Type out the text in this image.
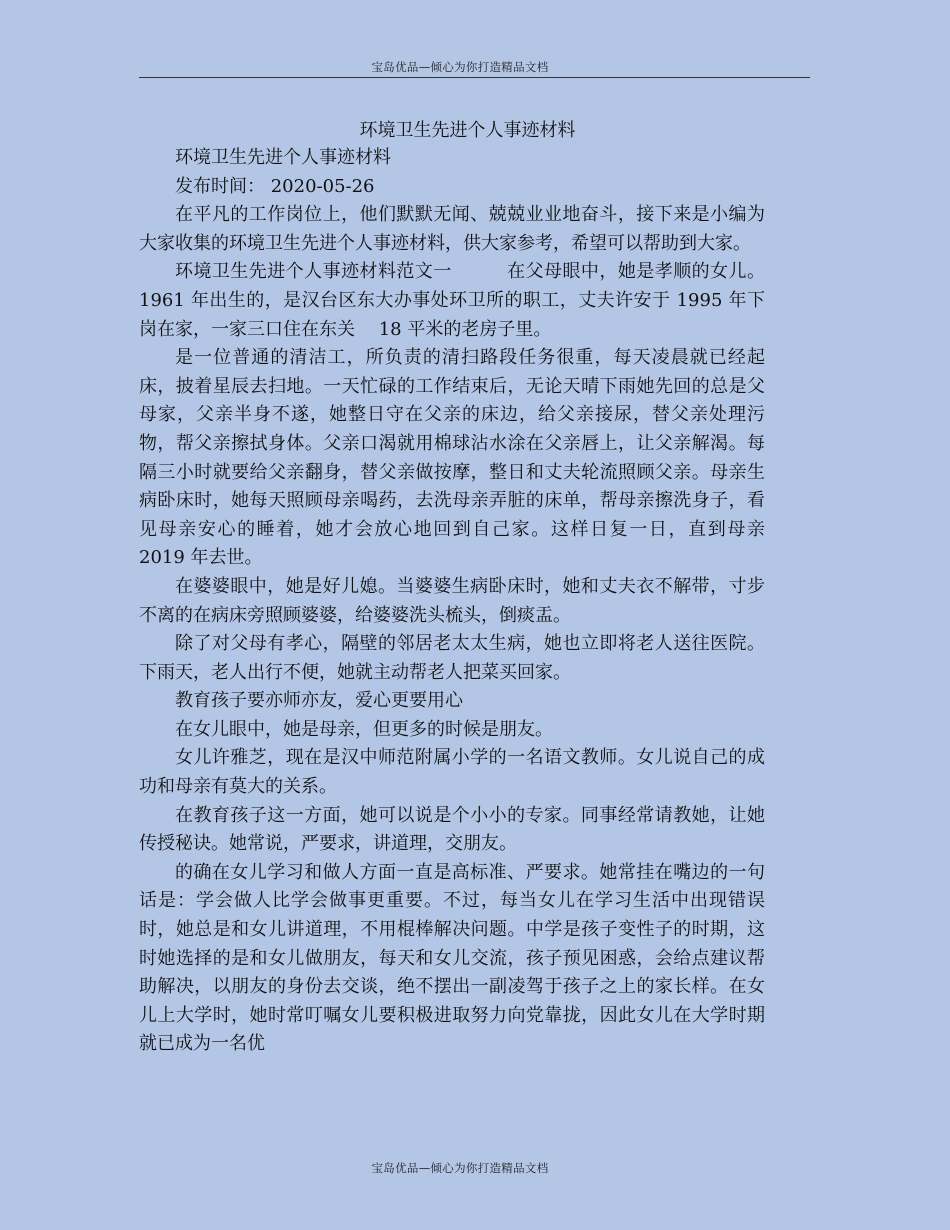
宝岛优品—倾心为你打造精品文档
环境卫生先进个人事迹材料

环境卫生先进个人事迹材料

发布时间： 2020-05-26

在平凡的工作岗位上，他们默默无闻、兢兢业业地奋斗，接下来是小编为大家收集的环境卫生先进个人事迹材料，供大家参考，希望可以帮助到大家。

环境卫生先进个人事迹材料范文一　　　在父母眼中，她是孝顺的女儿。1961 年出生的，是汉台区东大办事处环卫所的职工，丈夫许安于 1995 年下岗在家，一家三口住在东关　 18 平米的老房子里。

是一位普通的清洁工，所负责的清扫路段任务很重，每天凌晨就已经起床，披着星辰去扫地。一天忙碌的工作结束后，无论天晴下雨她先回的总是父母家，父亲半身不遂，她整日守在父亲的床边，给父亲接尿，替父亲处理污物，帮父亲擦拭身体。父亲口渴就用棉球沾水涂在父亲唇上，让父亲解渴。每隔三小时就要给父亲翻身，替父亲做按摩，整日和丈夫轮流照顾父亲。母亲生病卧床时，她每天照顾母亲喝药，去洗母亲弄脏的床单，帮母亲擦洗身子，看见母亲安心的睡着，她才会放心地回到自己家。这样日复一日，直到母亲　　 2019 年去世。

在婆婆眼中，她是好儿媳。当婆婆生病卧床时，她和丈夫衣不解带，寸步不离的在病床旁照顾婆婆，给婆婆洗头梳头，倒痰盂。

除了对父母有孝心，隔壁的邻居老太太生病，她也立即将老人送往医院。下雨天，老人出行不便，她就主动帮老人把菜买回家。

教育孩子要亦师亦友，爱心更要用心

在女儿眼中，她是母亲，但更多的时候是朋友。

女儿许雅芝，现在是汉中师范附属小学的一名语文教师。女儿说自己的成功和母亲有莫大的关系。

在教育孩子这一方面，她可以说是个小小的专家。同事经常请教她，让她传授秘诀。她常说，严要求，讲道理，交朋友。

的确在女儿学习和做人方面一直是高标准、严要求。她常挂在嘴边的一句话是：学会做人比学会做事更重要。不过，每当女儿在学习生活中出现错误时，她总是和女儿讲道理，不用棍棒解决问题。中学是孩子变性子的时期，这时她选择的是和女儿做朋友，每天和女儿交流，孩子预见困惑，会给点建议帮助解决，以朋友的身份去交谈，绝不摆出一副凌驾于孩子之上的家长样。在女儿上大学时，她时常叮嘱女儿要积极进取努力向党靠拢，因此女儿在大学时期就已成为一名优

宝岛优品—倾心为你打造精品文档
